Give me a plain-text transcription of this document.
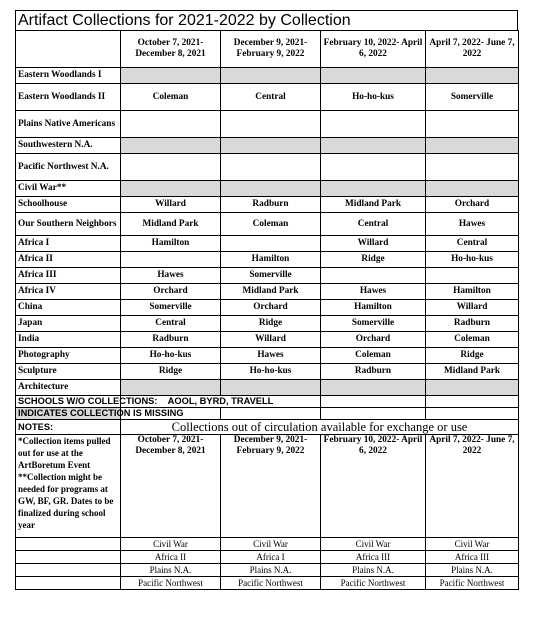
Artifact Collections for 2021-2022 by Collection
	October 7, 2021- December 8, 2021	December 9, 2021- February 9, 2022	February 10, 2022- April 6, 2022	April 7, 2022- June 7, 2022
Eastern Woodlands I				
Eastern Woodlands II	Coleman	Central	Ho-ho-kus	Somerville
Plains Native Americans				
Southwestern N.A.				
Pacific Northwest N.A.				
Civil War**				
Schoolhouse	Willard	Radburn	Midland Park	Orchard
Our Southern Neighbors	Midland Park	Coleman	Central	Hawes
Africa I	Hamilton		Willard	Central
Africa II		Hamilton	Ridge	Ho-ho-kus
Africa III	Hawes	Somerville		
Africa IV	Orchard	Midland Park	Hawes	Hamilton
China	Somerville	Orchard	Hamilton	Willard
Japan	Central	Ridge	Somerville	Radburn
India	Radburn	Willard	Orchard	Coleman
Photography	Ho-ho-kus	Hawes	Coleman	Ridge
Sculpture	Ridge	Ho-ho-kus	Radburn	Midland Park
Architecture				
SCHOOLS W/O COLLECTIONS:	AOOL, BYRD, TRAVELL			
INDICATES COLLECTION IS MISSING				
NOTES:	Collections out of circulation available for exchange or use			
*Collection items pulled out for use at the ArtBoretum Event **Collection might be needed for programs at GW, BF, GR. Dates to be finalized during school year	October 7, 2021- December 8, 2021	December 9, 2021- February 9, 2022	February 10, 2022- April 6, 2022	April 7, 2022- June 7, 2022
	Civil War	Civil War	Civil War	Civil War
	Africa II	Africa I	Africa III	Africa III
	Plains N.A.	Plains N.A.	Plains N.A.	Plains N.A.
	Pacific Northwest	Pacific Northwest	Pacific Northwest	Pacific Northwest
